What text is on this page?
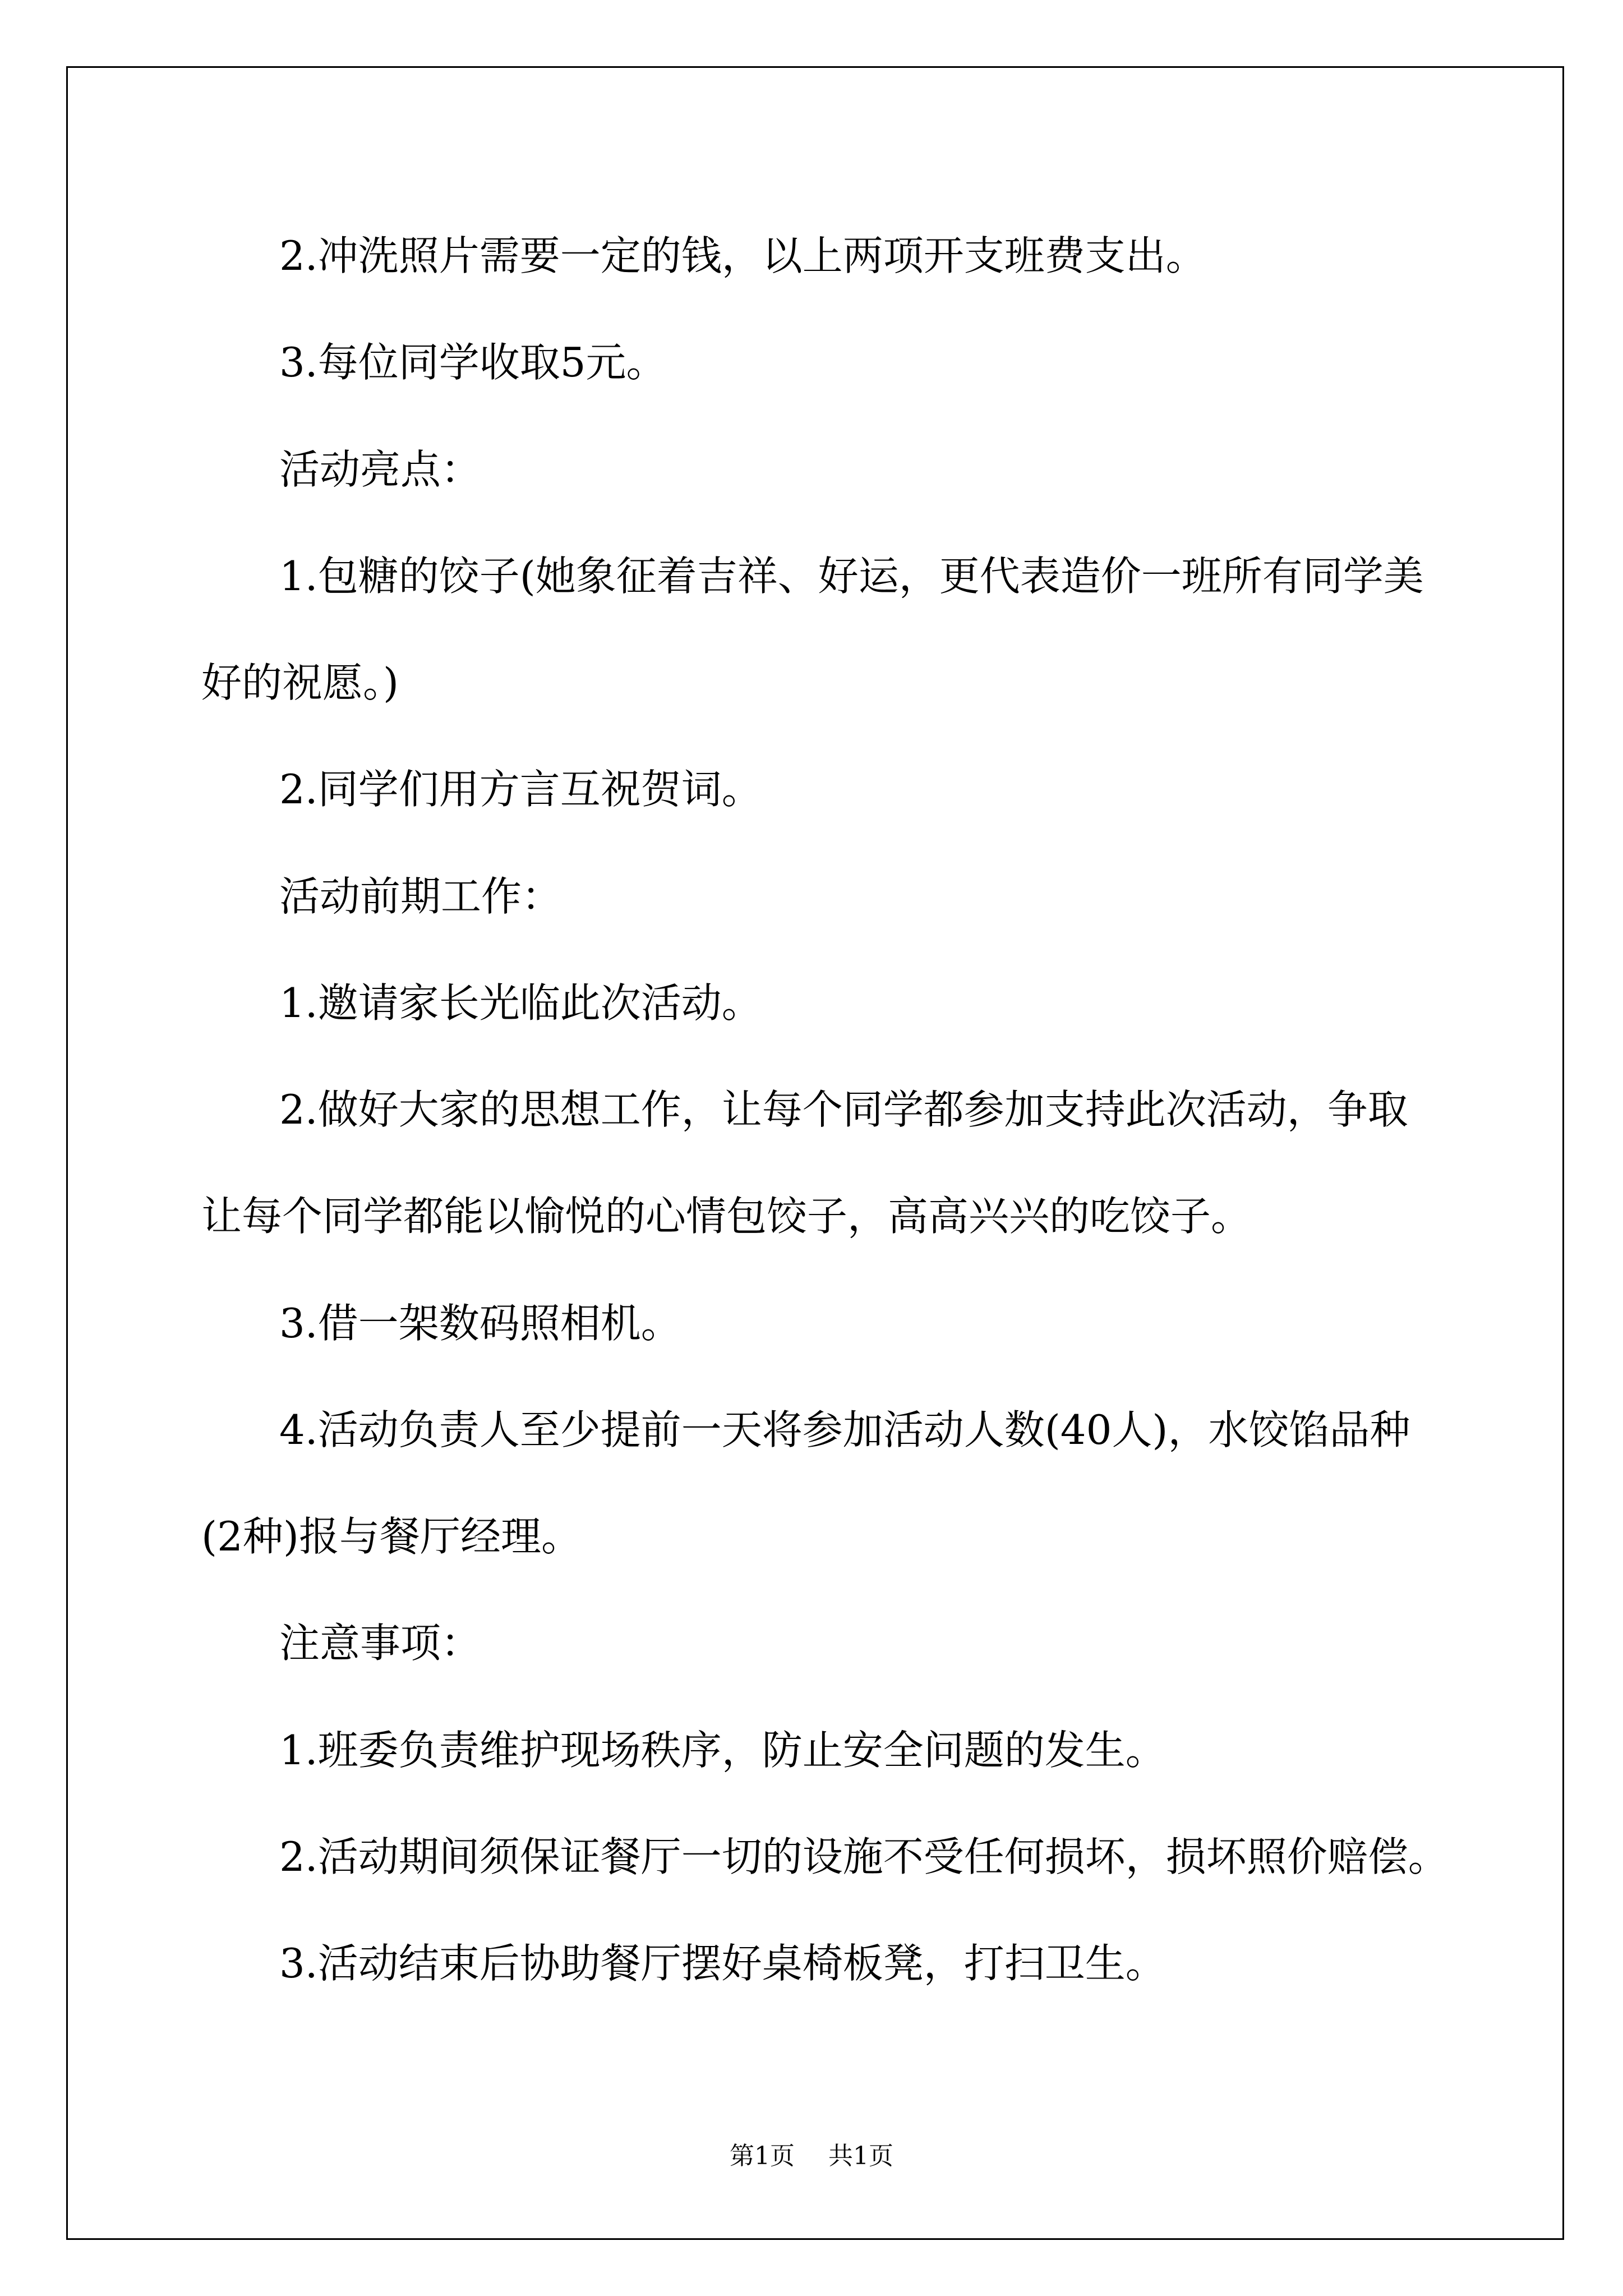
2.冲洗照片需要一定的钱，以上两项开支班费支出。
3.每位同学收取5元。
活动亮点：
1.包糖的饺子(她象征着吉祥、好运，更代表造价一班所有同学美
好的祝愿。)
2.同学们用方言互祝贺词。
活动前期工作：
1.邀请家长光临此次活动。
2.做好大家的思想工作，让每个同学都参加支持此次活动，争取
让每个同学都能以愉悦的心情包饺子，高高兴兴的吃饺子。
3.借一架数码照相机。
4.活动负责人至少提前一天将参加活动人数(40人)，水饺馅品种
(2种)报与餐厅经理。
注意事项：
1.班委负责维护现场秩序，防止安全问题的发生。
2.活动期间须保证餐厅一切的设施不受任何损坏，损坏照价赔偿。
3.活动结束后协助餐厅摆好桌椅板凳，打扫卫生。
第1页 共1页
